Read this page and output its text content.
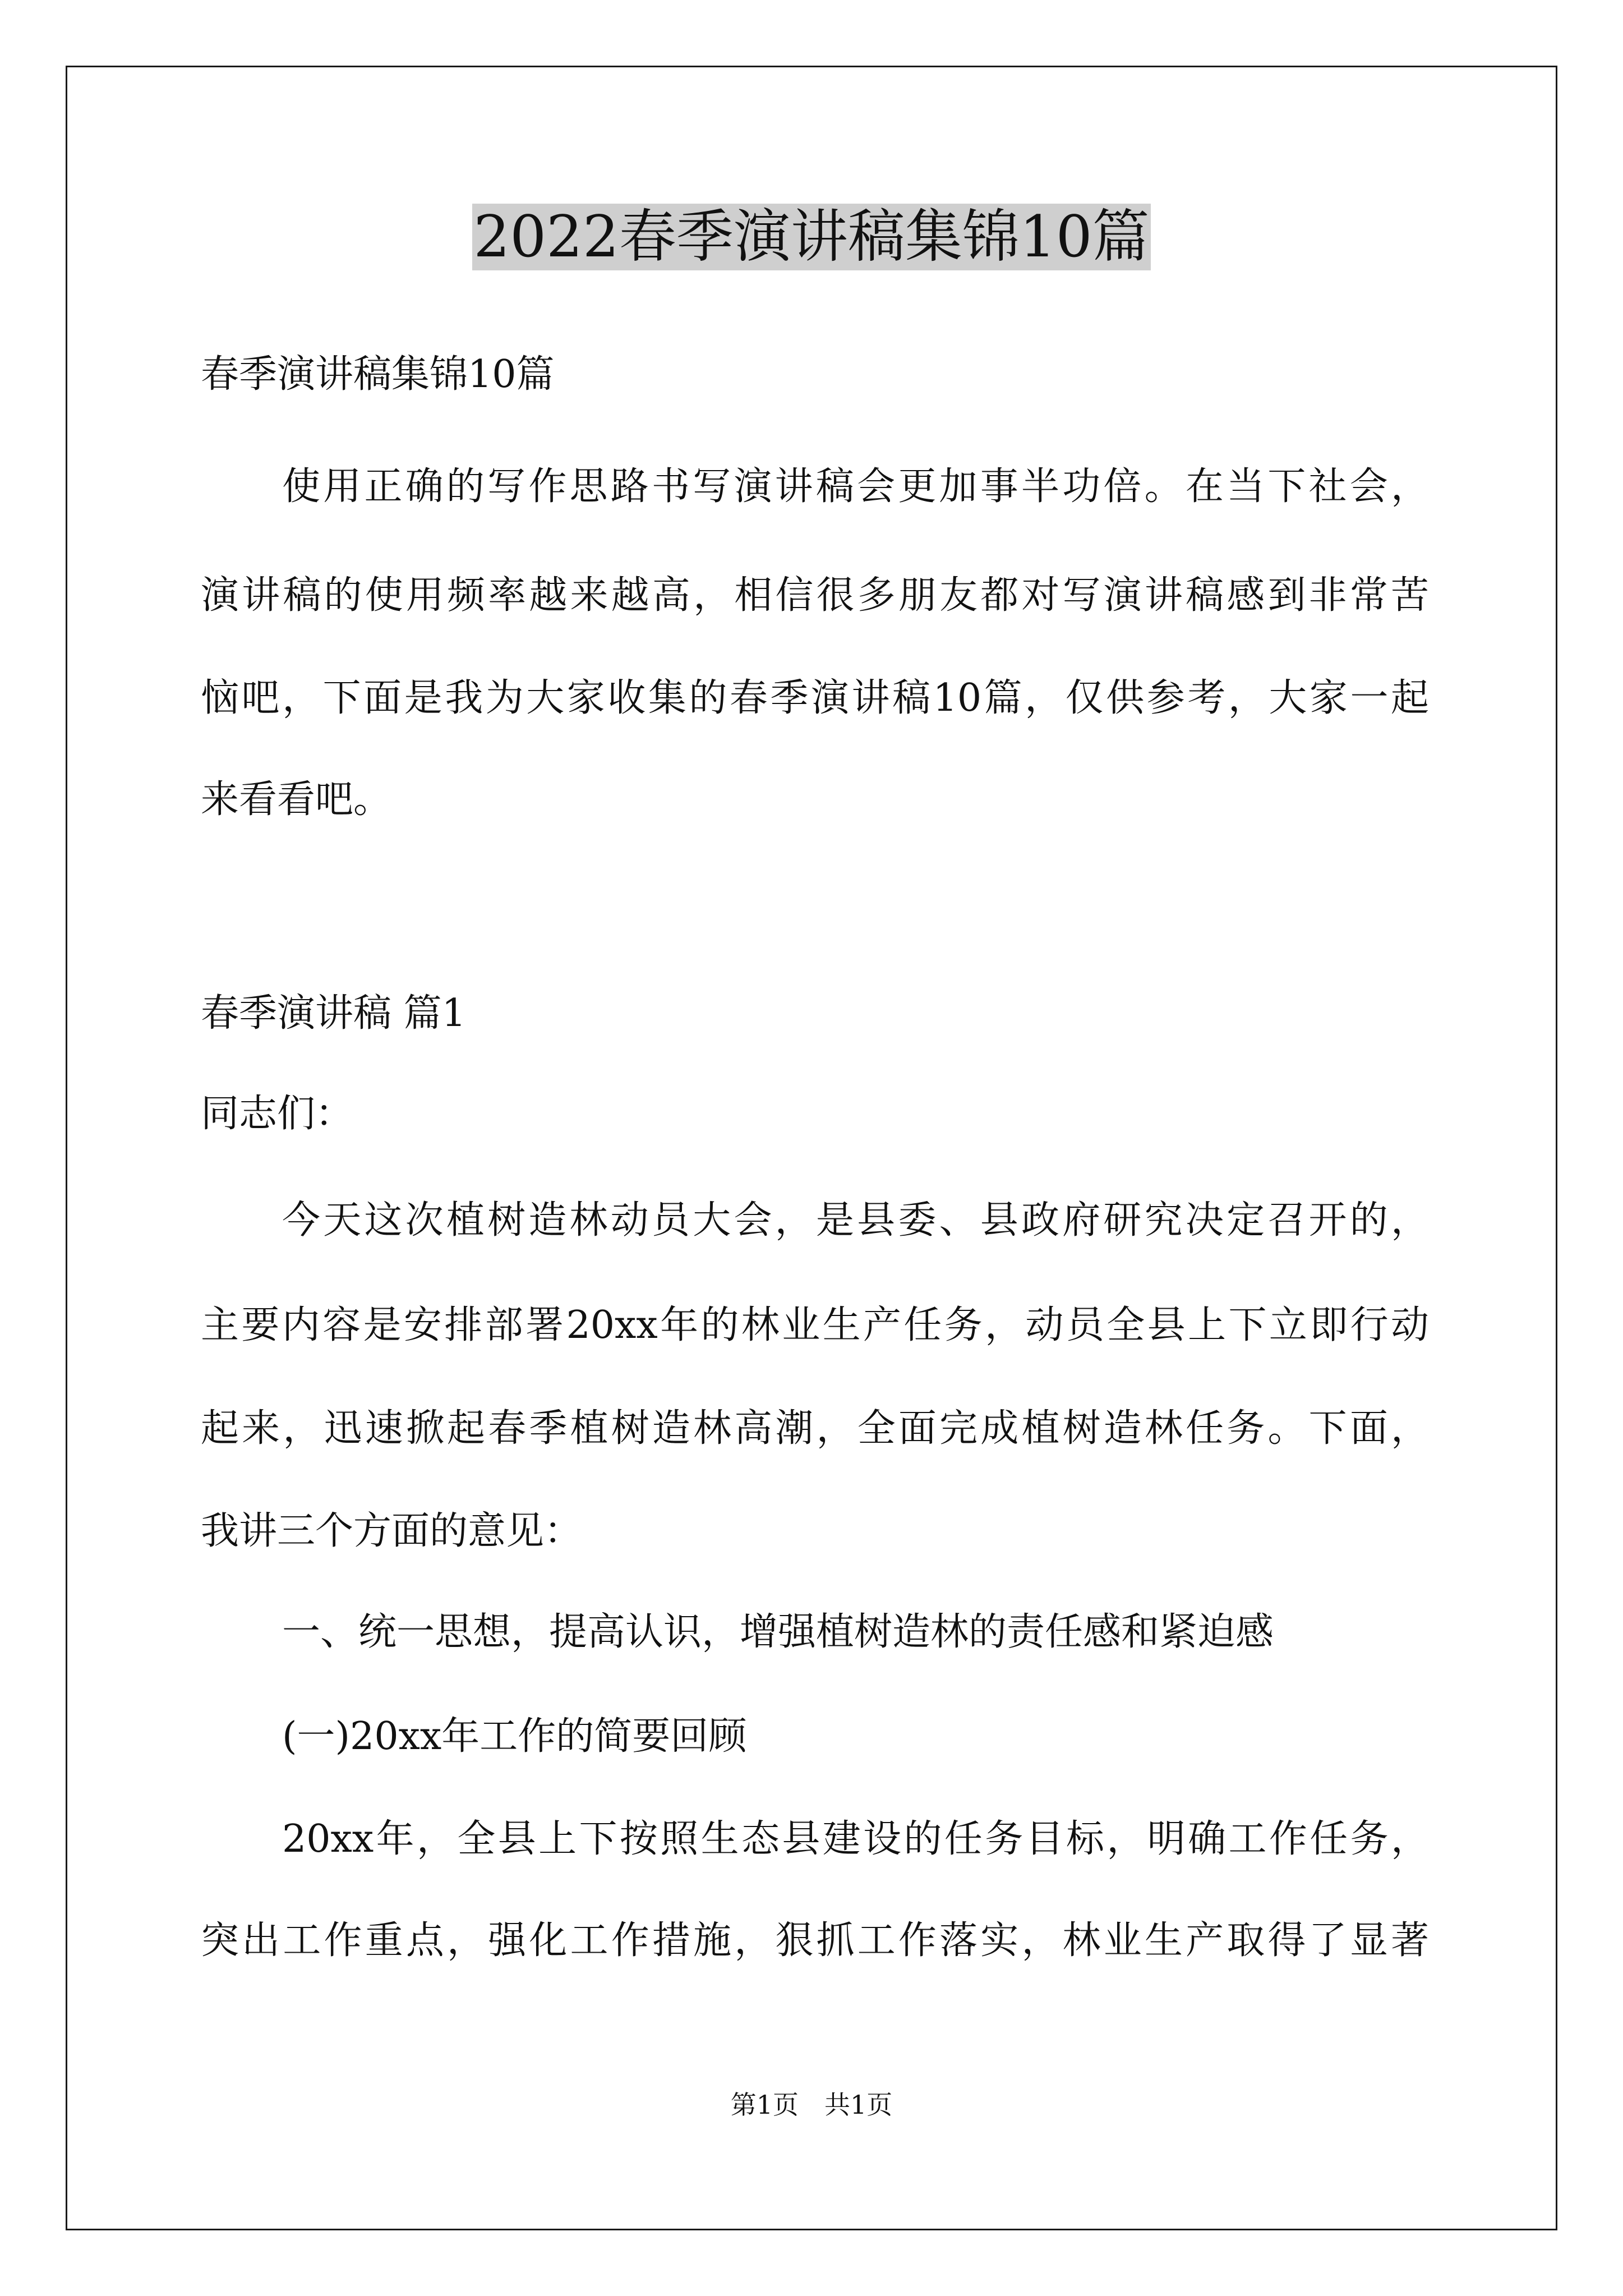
2022春季演讲稿集锦10篇
春季演讲稿集锦10篇
使用正确的写作思路书写演讲稿会更加事半功倍。在当下社会，
演讲稿的使用频率越来越高，相信很多朋友都对写演讲稿感到非常苦
恼吧，下面是我为大家收集的春季演讲稿10篇，仅供参考，大家一起
来看看吧。
春季演讲稿 篇1
同志们：
今天这次植树造林动员大会，是县委、县政府研究决定召开的，
主要内容是安排部署20xx年的林业生产任务，动员全县上下立即行动
起来，迅速掀起春季植树造林高潮，全面完成植树造林任务。下面，
我讲三个方面的意见：
一、统一思想，提高认识，增强植树造林的责任感和紧迫感
(一)20xx年工作的简要回顾
20xx年，全县上下按照生态县建设的任务目标，明确工作任务，
突出工作重点，强化工作措施，狠抓工作落实，林业生产取得了显著
第1页　共1页
